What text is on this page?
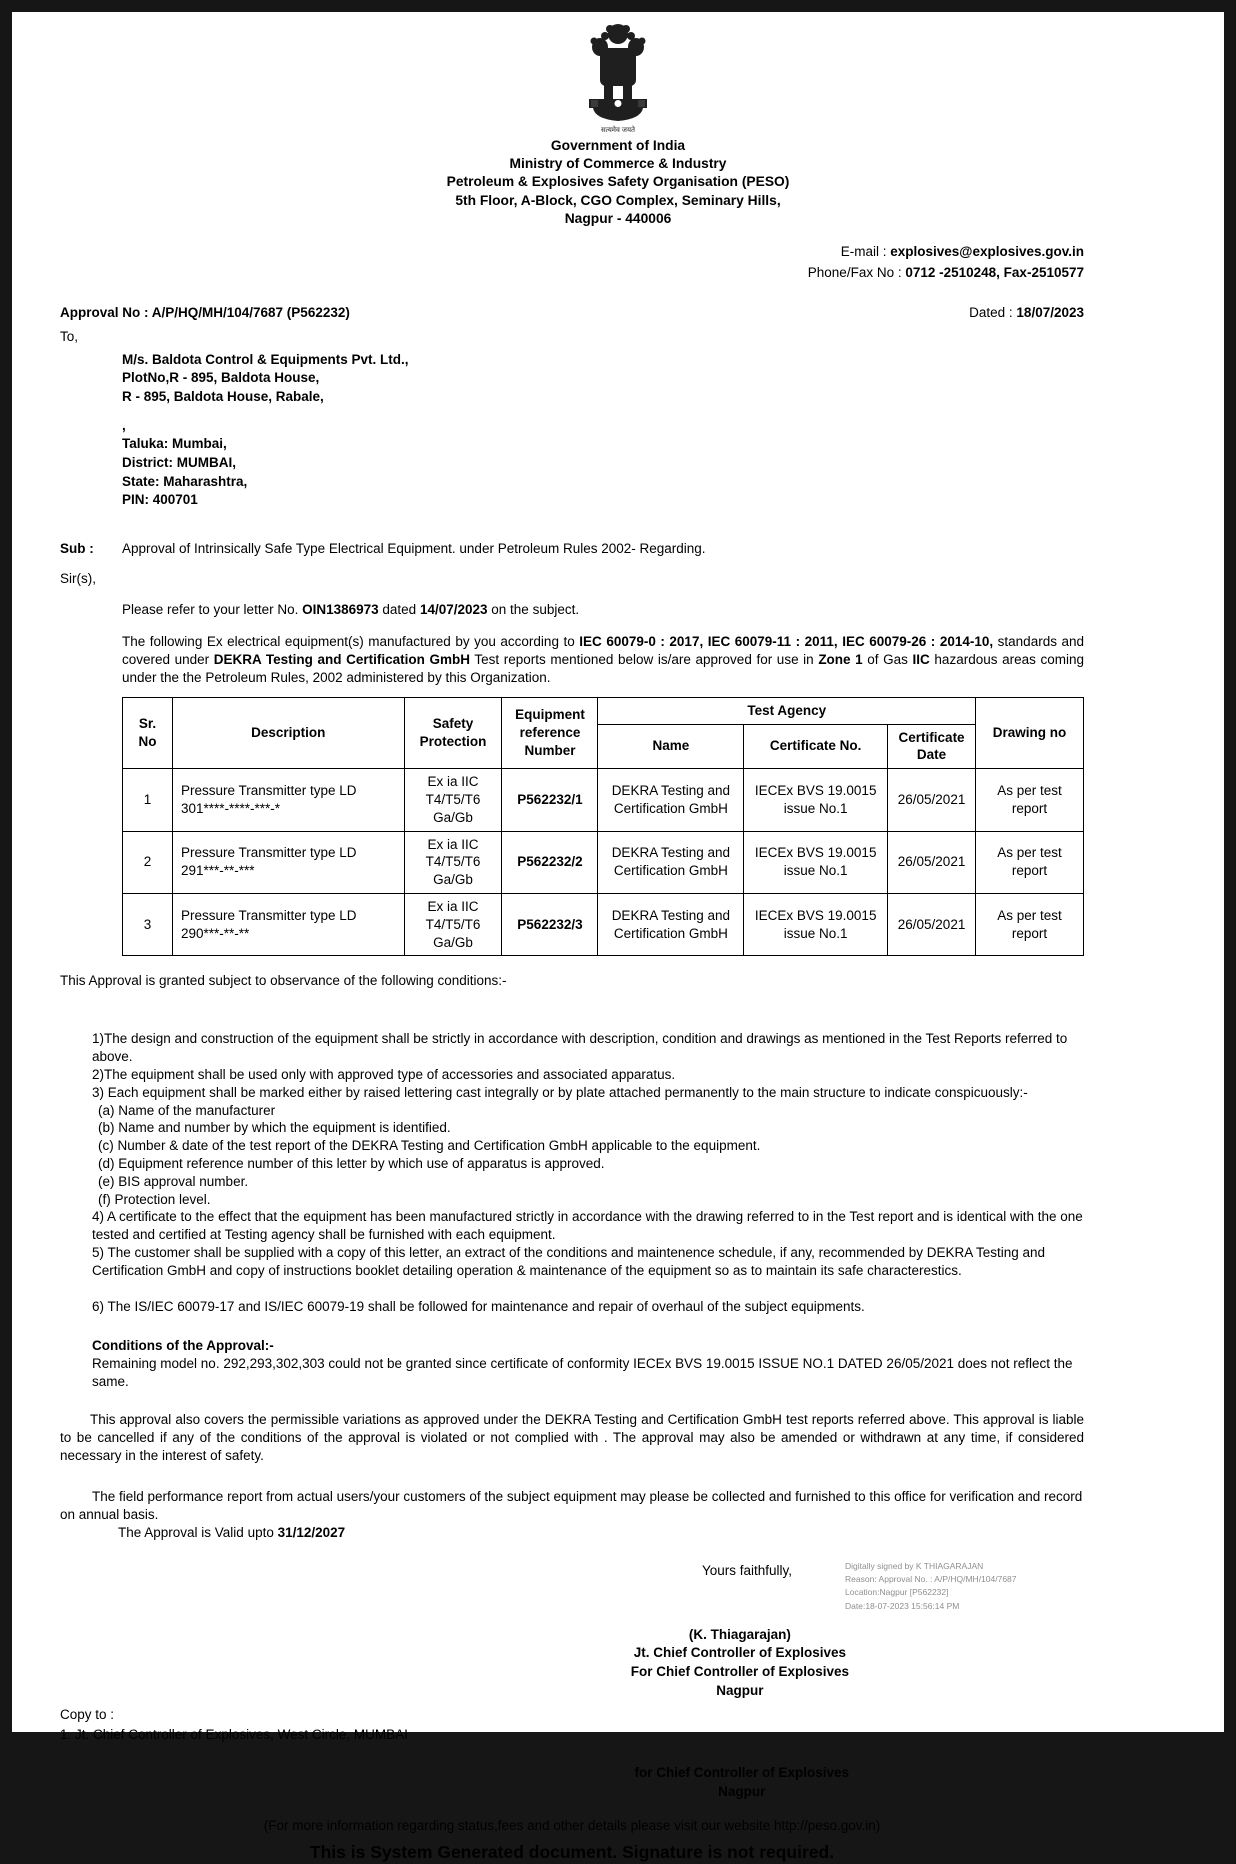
सत्यमेव जयते
Government of India
Ministry of Commerce & Industry
Petroleum & Explosives Safety Organisation (PESO)
5th Floor, A-Block, CGO Complex, Seminary Hills,
Nagpur - 440006
E-mail : explosives@explosives.gov.in
Phone/Fax No : 0712 -2510248, Fax-2510577
Approval No : A/P/HQ/MH/104/7687 (P562232)	Dated : 18/07/2023
To,
M/s. Baldota Control & Equipments Pvt. Ltd.,
PlotNo,R - 895, Baldota House,
R - 895, Baldota House, Rabale,
,
Taluka: Mumbai,
District: MUMBAI,
State: Maharashtra,
PIN: 400701
Sub :	Approval of Intrinsically Safe Type Electrical Equipment. under Petroleum Rules 2002- Regarding.
Sir(s),
Please refer to your letter No. OIN1386973 dated 14/07/2023 on the subject.
The following Ex electrical equipment(s) manufactured by you according to IEC 60079-0 : 2017, IEC 60079-11 : 2011, IEC 60079-26 : 2014-10, standards and covered under DEKRA Testing and Certification GmbH Test reports mentioned below is/are approved for use in Zone 1 of Gas IIC hazardous areas coming under the the Petroleum Rules, 2002 administered by this Organization.
Sr. No	Description	Safety Protection	Equipment reference Number	Test Agency			Drawing no
				Name	Certificate No.	Certificate Date	
1	Pressure Transmitter type LD 301****-****-***-*	Ex ia IIC T4/T5/T6 Ga/Gb	P562232/1	DEKRA Testing and Certification GmbH	IECEx BVS 19.0015 issue No.1	26/05/2021	As per test report
2	Pressure Transmitter type LD 291***-**-***	Ex ia IIC T4/T5/T6 Ga/Gb	P562232/2	DEKRA Testing and Certification GmbH	IECEx BVS 19.0015 issue No.1	26/05/2021	As per test report
3	Pressure Transmitter type LD 290***-**-**	Ex ia IIC T4/T5/T6 Ga/Gb	P562232/3	DEKRA Testing and Certification GmbH	IECEx BVS 19.0015 issue No.1	26/05/2021	As per test report
This Approval is granted subject to observance of the following conditions:-
1)The design and construction of the equipment shall be strictly in accordance with description, condition and drawings as mentioned in the Test Reports referred to above.
2)The equipment shall be used only with approved type of accessories and associated apparatus.
3) Each equipment shall be marked either by raised lettering cast integrally or by plate attached permanently to the main structure to indicate conspicuously:-
(a) Name of the manufacturer
(b) Name and number by which the equipment is identified.
(c) Number & date of the test report of the DEKRA Testing and Certification GmbH applicable to the equipment.
(d) Equipment reference number of this letter by which use of apparatus is approved.
(e) BIS approval number.
(f) Protection level.
4) A certificate to the effect that the equipment has been manufactured strictly in accordance with the drawing referred to in the Test report and is identical with the one tested and certified at Testing agency shall be furnished with each equipment.
5) The customer shall be supplied with a copy of this letter, an extract of the conditions and maintenence schedule, if any, recommended by DEKRA Testing and Certification GmbH and copy of instructions booklet detailing operation & maintenance of the equipment so as to maintain its safe characterestics.
6) The IS/IEC 60079-17 and IS/IEC 60079-19 shall be followed for maintenance and repair of overhaul of the subject equipments.
Conditions of the Approval:-
Remaining model no. 292,293,302,303 could not be granted since certificate of conformity IECEx BVS 19.0015 ISSUE NO.1 DATED 26/05/2021 does not reflect the same.
This approval also covers the permissible variations as approved under the DEKRA Testing and Certification GmbH test reports referred above. This approval is liable to be cancelled if any of the conditions of the approval is violated or not complied with . The approval may also be amended or withdrawn at any time, if considered necessary in the interest of safety.
The field performance report from actual users/your customers of the subject equipment may please be collected and furnished to this office for verification and record on annual basis.
The Approval is Valid upto 31/12/2027
Yours faithfully,
(K. Thiagarajan)
Jt. Chief Controller of Explosives
For Chief Controller of Explosives
Nagpur
Copy to :
1. Jt. Chief Controller of Explosives, West Circle, MUMBAI
for Chief Controller of Explosives
Nagpur
(For more information regarding status,fees and other details please visit our website http://peso.gov.in)
This is System Generated document. Signature is not required.
Digitally signed by K THIAGARAJAN
Reason: Approval No. : A/P/HQ/MH/104/7687
Location:Nagpur [P562232]
Date:18-07-2023 15:56:14 PM
